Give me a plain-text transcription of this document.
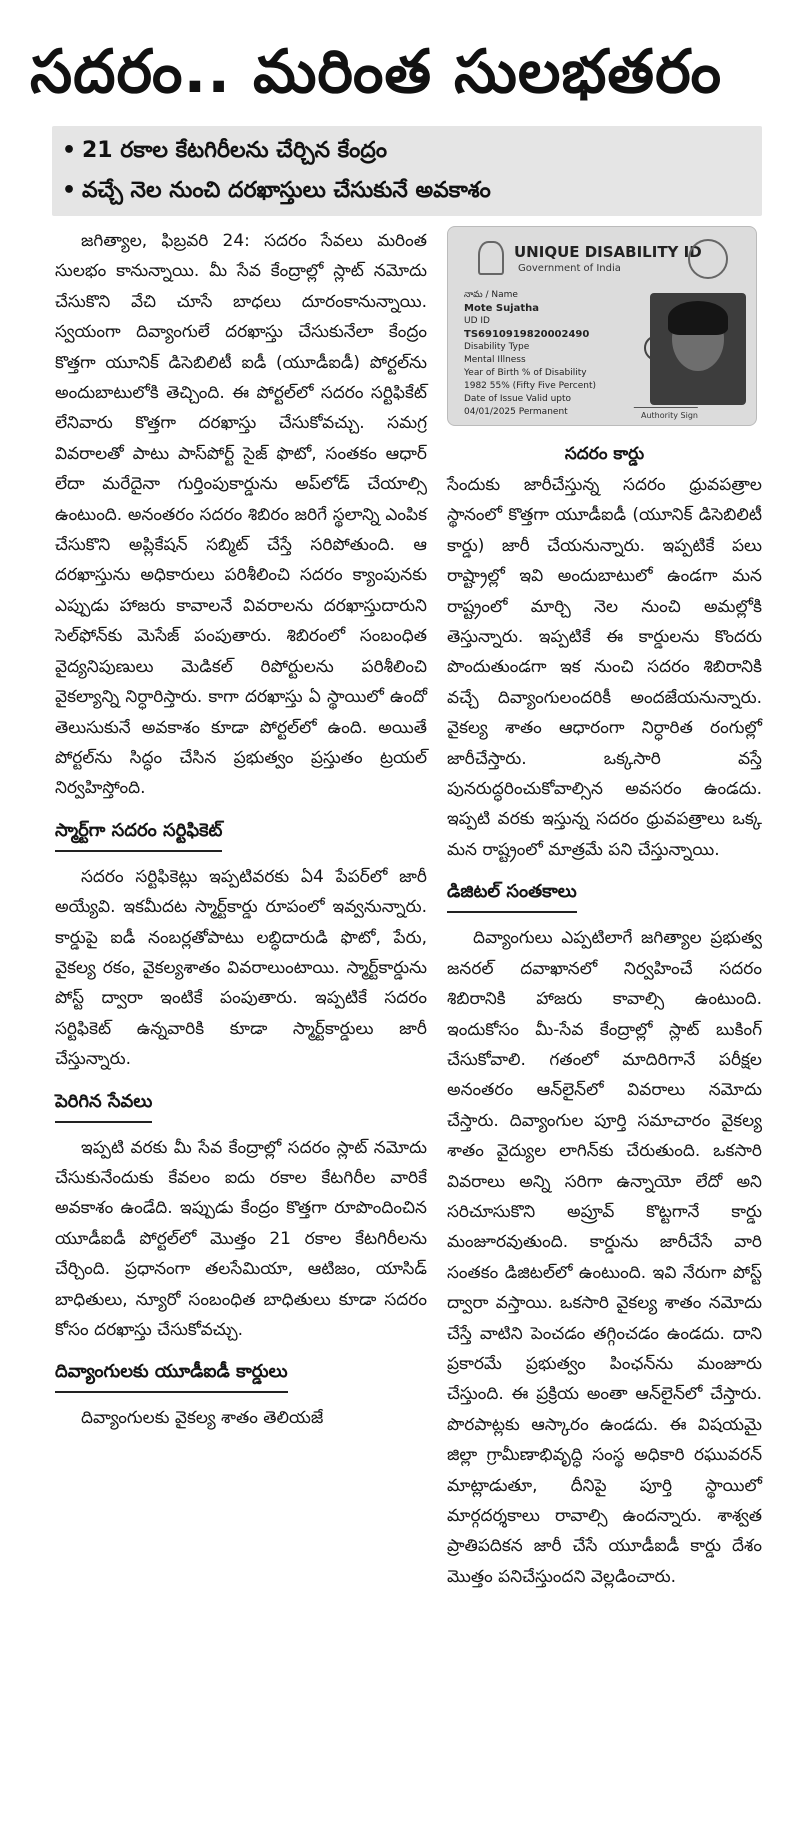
సదరం.. మరింత సులభతరం
• 21 రకాల కేటగిరీలను చేర్చిన కేంద్రం
• వచ్చే నెల నుంచి దరఖాస్తులు చేసుకునే అవకాశం

జగిత్యాల, ఫిబ్రవరి 24: సదరం సేవలు మరింత సులభం కానున్నాయి. మీ సేవ కేంద్రాల్లో స్లాట్ నమోదు చేసుకొని వేచి చూసే బాధలు దూరంకానున్నాయి. స్వయంగా దివ్యాంగులే దరఖాస్తు చేసుకునేలా కేంద్రం కొత్తగా యూనిక్ డిసెబిలిటీ ఐడీ (యూడీఐడీ) పోర్టల్‌ను అందుబాటులోకి తెచ్చింది. ఈ పోర్టల్‌లో సదరం సర్టిఫికేట్ లేనివారు కొత్తగా దరఖాస్తు చేసుకోవచ్చు. సమగ్ర వివరాలతో పాటు పాస్‌పోర్ట్ సైజ్ ఫొటో, సంతకం ఆధార్ లేదా మరేదైనా గుర్తింపుకార్డును అప్‌లోడ్ చేయాల్సి ఉంటుంది. అనంతరం సదరం శిబిరం జరిగే స్థలాన్ని ఎంపిక చేసుకొని అప్లికేషన్ సబ్మిట్ చేస్తే సరిపోతుంది. ఆ దరఖాస్తును అధికారులు పరిశీలించి సదరం క్యాంపునకు ఎప్పుడు హాజరు కావాలనే వివరాలను దరఖాస్తుదారుని సెల్‌ఫోన్‌కు మెసేజ్ పంపుతారు. శిబిరంలో సంబంధిత వైద్యనిపుణులు మెడికల్ రిపోర్టులను పరిశీలించి వైకల్యాన్ని నిర్ధారిస్తారు. కాగా దరఖాస్తు ఏ స్థాయిలో ఉందో తెలుసుకునే అవకాశం కూడా పోర్టల్‌లో ఉంది. అయితే పోర్టల్‌ను సిద్ధం చేసిన ప్రభుత్వం ప్రస్తుతం ట్రయల్ నిర్వహిస్తోంది.

స్మార్ట్‌గా సదరం సర్టిఫికెట్

సదరం సర్టిఫికెట్లు ఇప్పటివరకు ఏ4 పేపర్‌లో జారీ అయ్యేవి. ఇకమీదట స్మార్ట్‌కార్డు రూపంలో ఇవ్వనున్నారు. కార్డుపై ఐడీ నంబర్లతోపాటు లబ్ధిదారుడి ఫొటో, పేరు, వైకల్య రకం, వైకల్యశాతం వివరాలుంటాయి. స్మార్ట్‌కార్డును పోస్ట్ ద్వారా ఇంటికే పంపుతారు. ఇప్పటికే సదరం సర్టిఫికెట్ ఉన్నవారికి కూడా స్మార్ట్‌కార్డులు జారీ చేస్తున్నారు.

పెరిగిన సేవలు

ఇప్పటి వరకు మీ సేవ కేంద్రాల్లో సదరం స్లాట్ నమోదు చేసుకునేందుకు కేవలం ఐదు రకాల కేటగిరీల వారికే అవకాశం ఉండేది. ఇప్పుడు కేంద్రం కొత్తగా రూపొందించిన యూడీఐడీ పోర్టల్‌లో మొత్తం 21 రకాల కేటగిరీలను చేర్చింది. ప్రధానంగా తలసేమియా, ఆటిజం, యాసిడ్ బాధితులు, న్యూరో సంబంధిత బాధితులు కూడా సదరం కోసం దరఖాస్తు చేసుకోవచ్చు.

దివ్యాంగులకు యూడీఐడీ కార్డులు

దివ్యాంగులకు వైకల్య శాతం తెలియజే

UNIQUE DISABILITY ID
Government of India
నామ / Name
Mote Sujatha
UD ID
TS6910919820002490
Disability Type
Mental Illness
Year of Birth % of Disability
1982 55% (Fifty Five Percent)
Date of Issue Valid upto
04/01/2025 Permanent	Authority Sign
సదరం కార్డు

సేందుకు జారీచేస్తున్న సదరం ధ్రువపత్రాల స్థానంలో కొత్తగా యూడీఐడీ (యూనిక్ డిసెబిలిటీ కార్డు) జారీ చేయనున్నారు. ఇప్పటికే పలు రాష్ట్రాల్లో ఇవి అందుబాటులో ఉండగా మన రాష్ట్రంలో మార్చి నెల నుంచి అమల్లోకి తెస్తున్నారు. ఇప్పటికే ఈ కార్డులను కొందరు పొందుతుండగా ఇక నుంచి సదరం శిబిరానికి వచ్చే దివ్యాంగులందరికీ అందజేయనున్నారు. వైకల్య శాతం ఆధారంగా నిర్ధారిత రంగుల్లో జారీచేస్తారు. ఒక్కసారి వస్తే పునరుద్ధరించుకోవాల్సిన అవసరం ఉండదు. ఇప్పటి వరకు ఇస్తున్న సదరం ధ్రువపత్రాలు ఒక్క మన రాష్ట్రంలో మాత్రమే పని చేస్తున్నాయి.

డిజిటల్ సంతకాలు

దివ్యాంగులు ఎప్పటిలాగే జగిత్యాల ప్రభుత్వ జనరల్ దవాఖానలో నిర్వహించే సదరం శిబిరానికి హాజరు కావాల్సి ఉంటుంది. ఇందుకోసం మీ-సేవ కేంద్రాల్లో స్లాట్ బుకింగ్ చేసుకోవాలి. గతంలో మాదిరిగానే పరీక్షల అనంతరం ఆన్‌లైన్‌లో వివరాలు నమోదు చేస్తారు. దివ్యాంగుల పూర్తి సమాచారం వైకల్య శాతం వైద్యుల లాగిన్‌కు చేరుతుంది. ఒకసారి వివరాలు అన్ని సరిగా ఉన్నాయో లేదో అని సరిచూసుకొని అప్రూవ్ కొట్టగానే కార్డు మంజూరవుతుంది. కార్డును జారీచేసే వారి సంతకం డిజిటల్‌లో ఉంటుంది. ఇవి నేరుగా పోస్ట్ ద్వారా వస్తాయి. ఒకసారి వైకల్య శాతం నమోదు చేస్తే వాటిని పెంచడం తగ్గించడం ఉండదు. దాని ప్రకారమే ప్రభుత్వం పింఛన్‌ను మంజూరు చేస్తుంది. ఈ ప్రక్రియ అంతా ఆన్‌లైన్‌లో చేస్తారు. పొరపాట్లకు ఆస్కారం ఉండదు. ఈ విషయమై జిల్లా గ్రామీణాభివృద్ధి సంస్థ అధికారి రఘువరన్ మాట్లాడుతూ, దీనిపై పూర్తి స్థాయిలో మార్గదర్శకాలు రావాల్సి ఉందన్నారు. శాశ్వత ప్రాతిపదికన జారీ చేసే యూడీఐడీ కార్డు దేశం మొత్తం పనిచేస్తుందని వెల్లడించారు.
